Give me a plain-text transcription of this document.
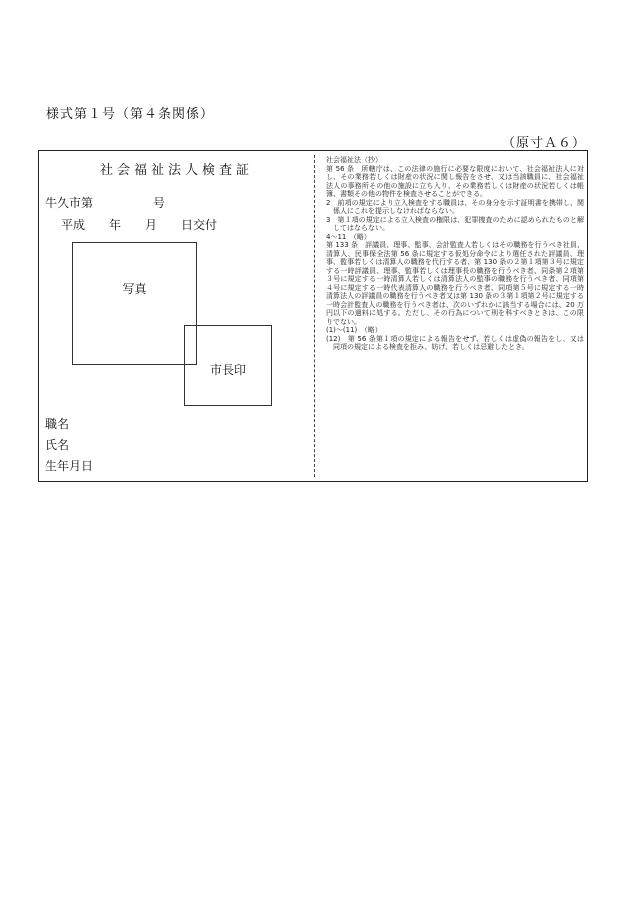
様式第１号（第４条関係）
（原寸Ａ６）
社会福祉法人検査証
牛久市第　　　　　号
平成　　年　　月　　日交付
写真
市長印
職名
氏名
生年月日

社会福祉法（抄）

第 56 条　所轄庁は、この法律の施行に必要な限度において、社会福祉法人に対し、その業務若しくは財産の状況に関し報告をさせ、又は当該職員に、社会福祉法人の事務所その他の施設に立ち入り、その業務若しくは財産の状況若しくは帳簿、書類その他の物件を検査させることができる。

2　前項の規定により立入検査をする職員は、その身分を示す証明書を携帯し、関係人にこれを提示しなければならない。

3　第１項の規定による立入検査の権限は、犯罪捜査のために認められたものと解してはならない。

4～11　（略）

第 133 条　評議員、理事、監事、会計監査人若しくはその職務を行うべき社員、清算人、民事保全法第 56 条に規定する仮処分命令により選任された評議員、理事、監事若しくは清算人の職務を代行する者、第 130 条の２第１項第３号に規定する一時評議員、理事、監事若しくは理事長の職務を行うべき者、同条第２項第３号に規定する一時清算人若しくは清算法人の監事の職務を行うべき者、同項第４号に規定する一時代表清算人の職務を行うべき者、同項第５号に規定する一時清算法人の評議員の職務を行うべき者又は第 130 条の３第１項第２号に規定する一時会計監査人の職務を行うべき者は、次のいずれかに該当する場合には、20 万円以下の過料に処する。ただし、その行為について刑を科すべきときは、この限りでない。

(1)～(11)　（略）

(12)　第 56 条第１項の規定による報告をせず、若しくは虚偽の報告をし、又は同項の規定による検査を拒み、妨げ、若しくは忌避したとき。
